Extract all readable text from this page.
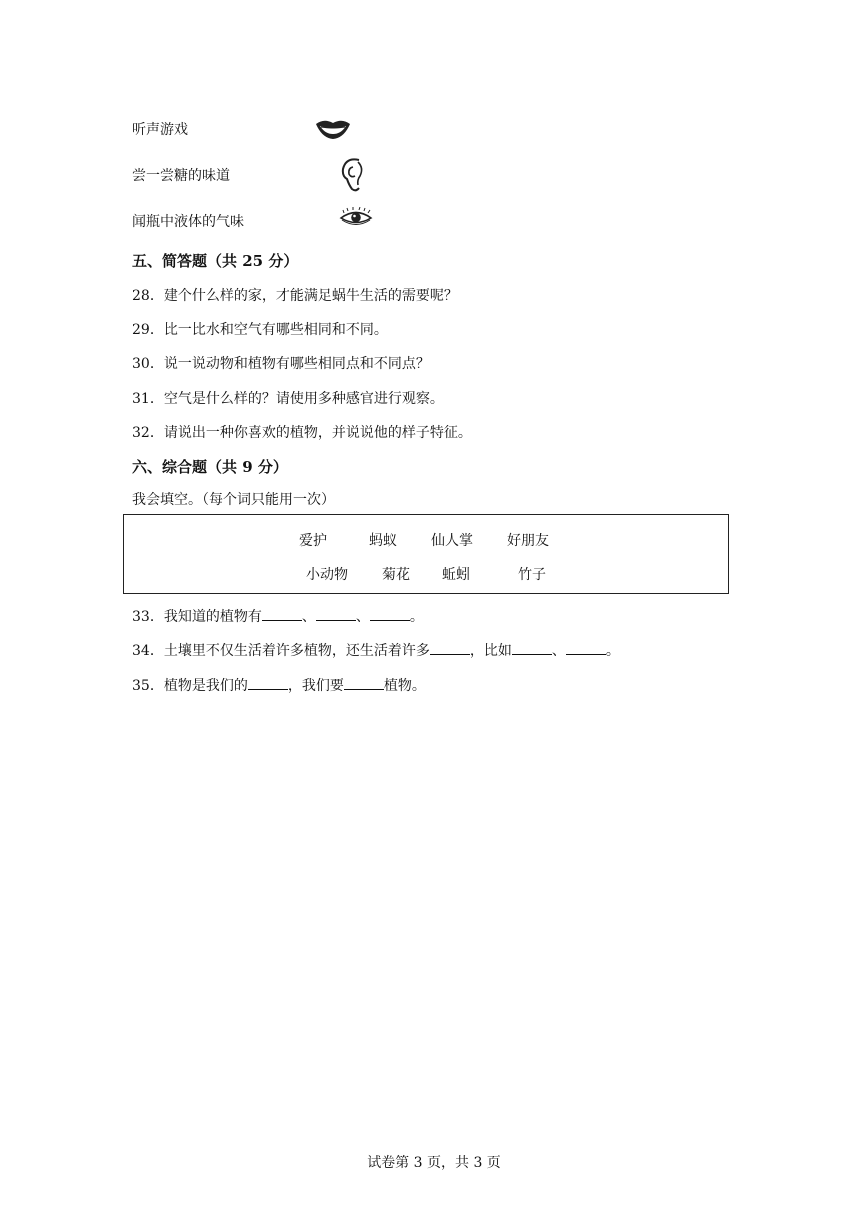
听声游戏
尝一尝糖的味道
闻瓶中液体的气味
五、简答题（共 25 分）
28．建个什么样的家，才能满足蜗牛生活的需要呢？
29．比一比水和空气有哪些相同和不同。
30．说一说动物和植物有哪些相同点和不同点？
31．空气是什么样的？请使用多种感官进行观察。
32．请说出一种你喜欢的植物，并说说他的样子特征。
六、综合题（共 9 分）
我会填空。（每个词只能用一次）
爱护	蚂蚁 仙人掌 好朋友
小动物 菊花 蚯蚓	竹子
33．我知道的植物有	、	、	。
34．土壤里不仅生活着许多植物，还生活着许多	，比如	、	。
35．植物是我们的	，我们要	植物。
试卷第 3 页，共 3 页
